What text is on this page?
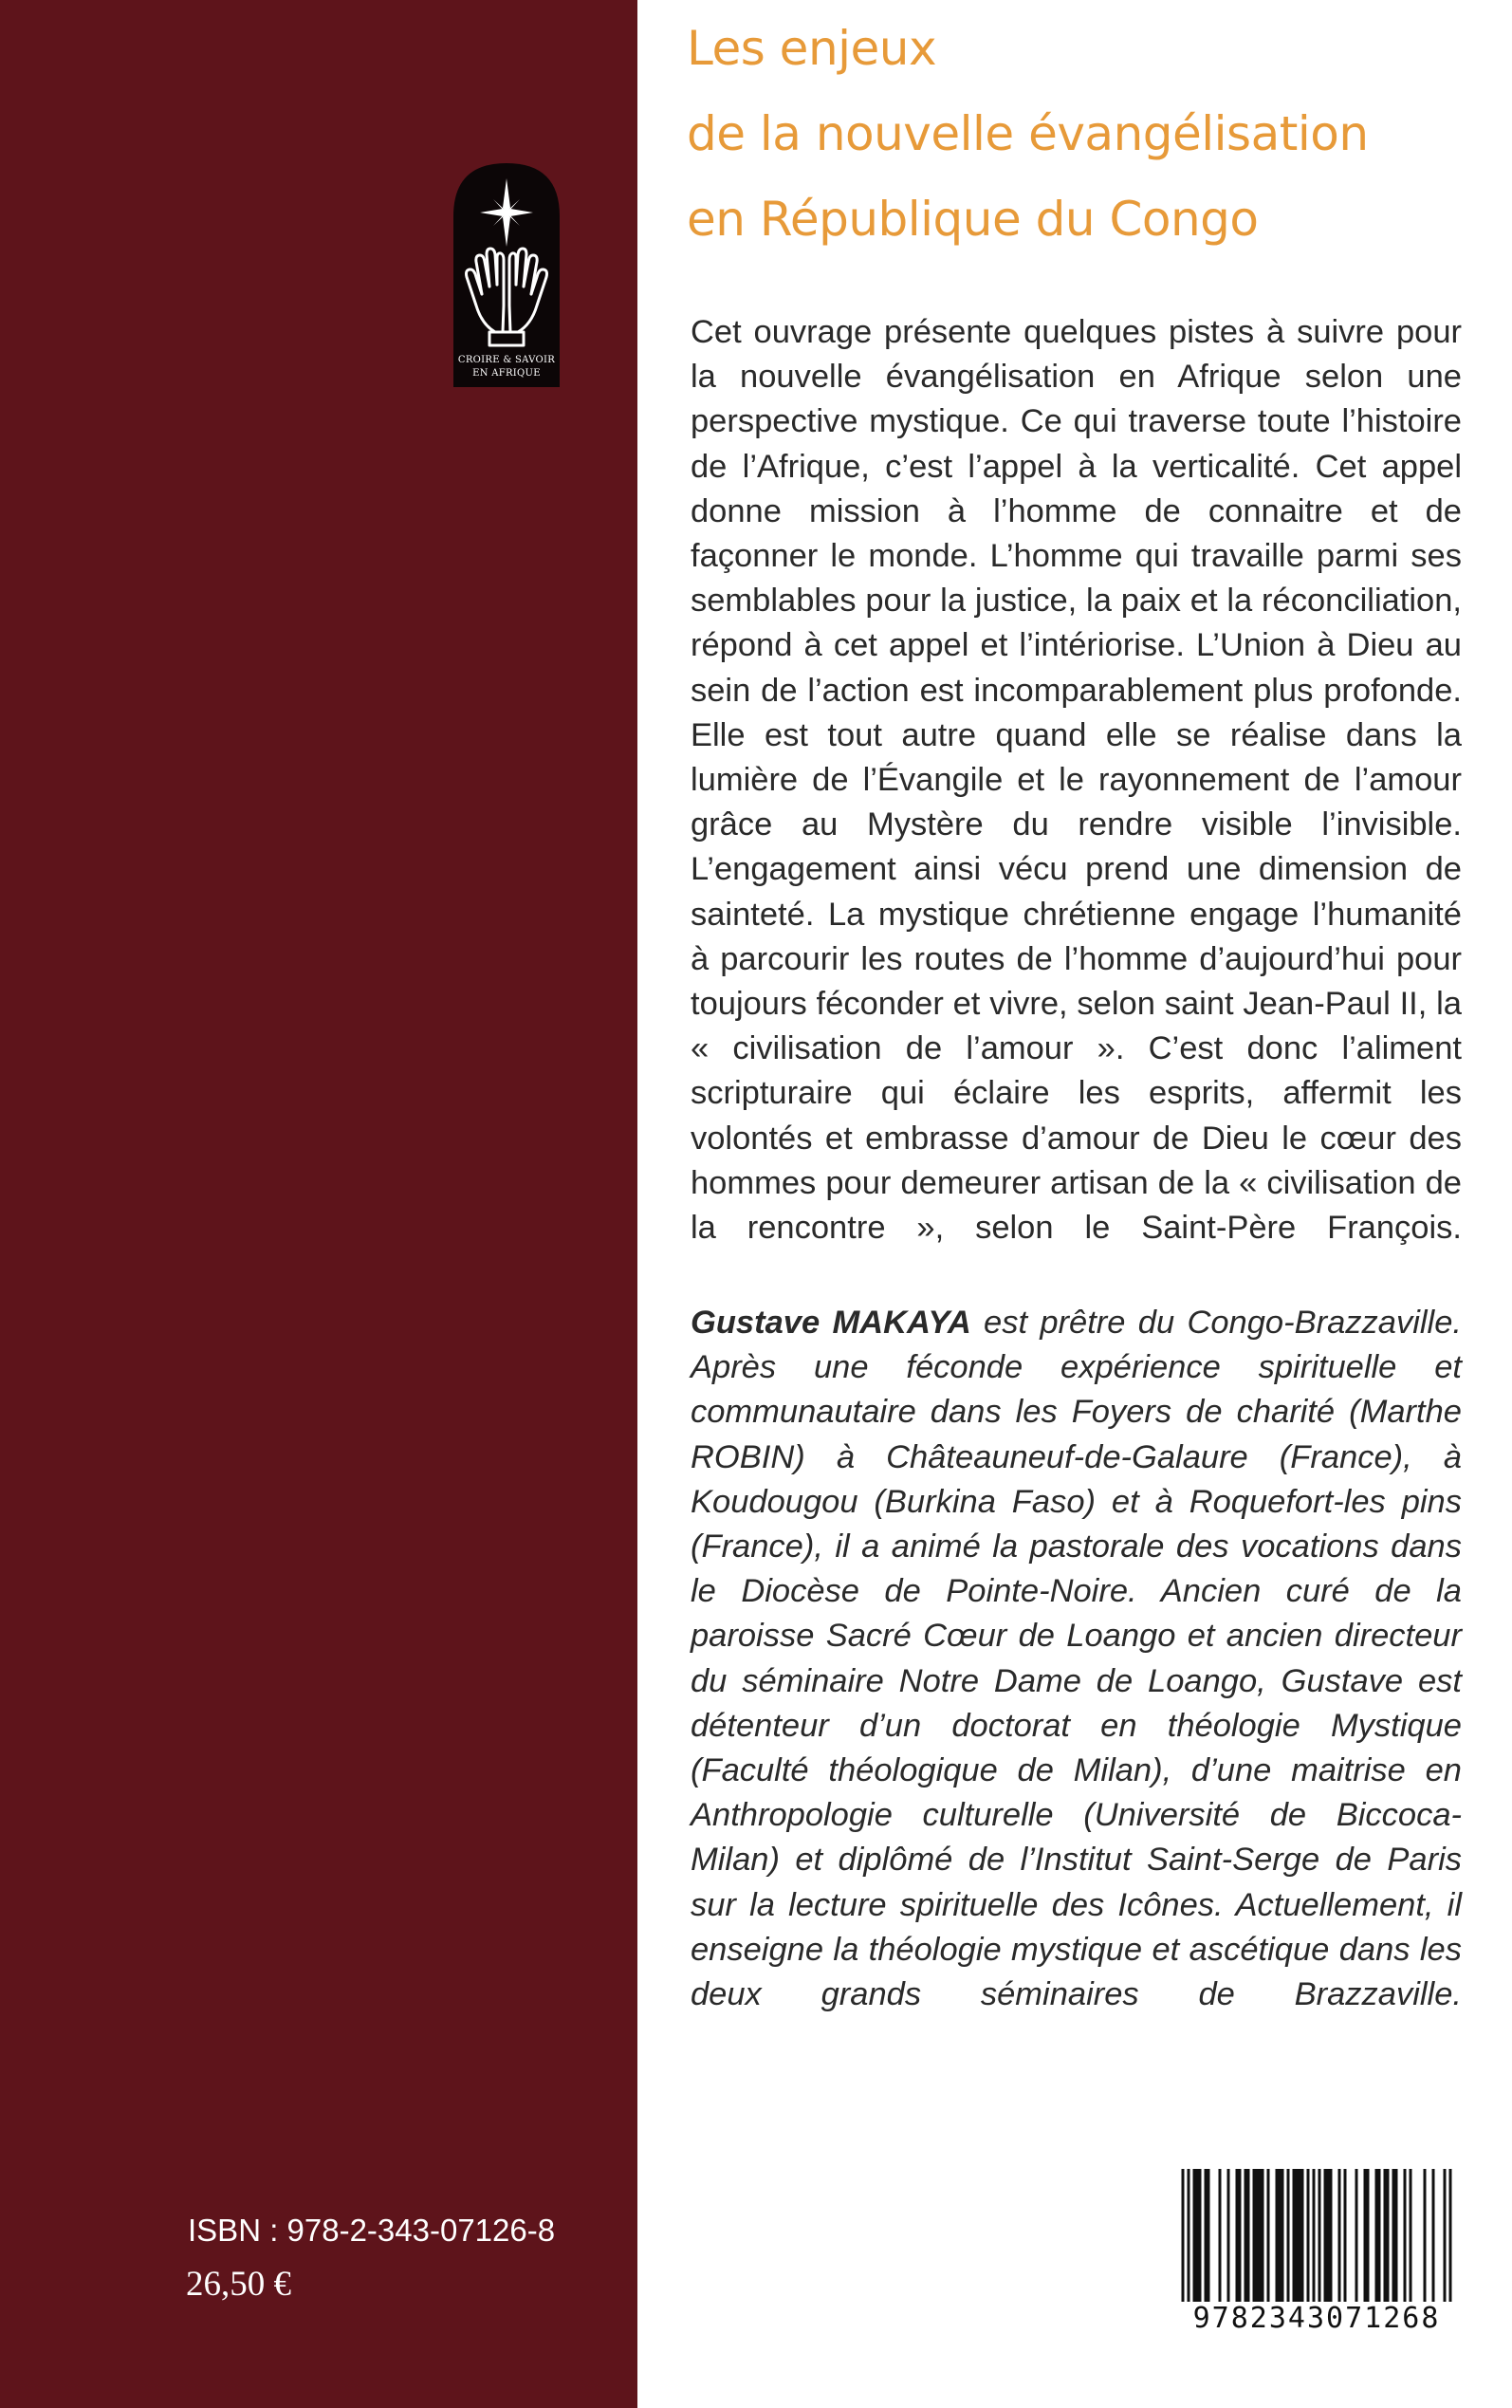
CROIRE & SAVOIR
EN AFRIQUE
ISBN : 978-2-343-07126-8
26,50 €
Les enjeux
de la nouvelle évangélisation
en République du Congo

Cet ouvrage présente quelques pistes à suivre pour la nouvelle évangélisation en Afrique selon une perspective mystique. Ce qui traverse toute l’histoire de l’Afrique, c’est l’appel à la verticalité. Cet appel donne mission à l’homme de connaitre et de façonner le monde. L’homme qui travaille parmi ses semblables pour la justice, la paix et la réconciliation, répond à cet appel et l’intériorise. L’Union à Dieu au sein de l’action est incomparablement plus profonde. Elle est tout autre quand elle se réalise dans la lumière de l’Évangile et le rayonnement de l’amour grâce au Mystère du rendre visible l’invisible. L’engagement ainsi vécu prend une dimension de sainteté. La mystique chrétienne engage l’humanité à parcourir les routes de l’homme d’aujourd’hui pour toujours féconder et vivre, selon saint Jean-Paul II, la « civilisation de l’amour ». C’est donc l’aliment scripturaire qui éclaire les esprits, affermit les volontés et embrasse d’amour de Dieu le cœur des hommes pour demeurer artisan de la « civilisation de la rencontre », selon le Saint-Père François.

Gustave MAKAYA est prêtre du Congo-Brazzaville. Après une féconde expérience spirituelle et communautaire dans les Foyers de charité (Marthe ROBIN) à Châteauneuf-de-Galaure (France), à Koudougou (Burkina Faso) et à Roquefort-les pins (France), il a animé la pastorale des vocations dans le Diocèse de Pointe-Noire. Ancien curé de la paroisse Sacré Cœur de Loango et ancien directeur du séminaire Notre Dame de Loango, Gustave est détenteur d’un doctorat en théologie Mystique (Faculté théologique de Milan), d’une maitrise en Anthropologie culturelle (Université de Biccoca-Milan) et diplômé de l’Institut Saint-Serge de Paris sur la lecture spirituelle des Icônes. Actuellement, il enseigne la théologie mystique et ascétique dans les deux grands séminaires de Brazzaville.

9782343071268
